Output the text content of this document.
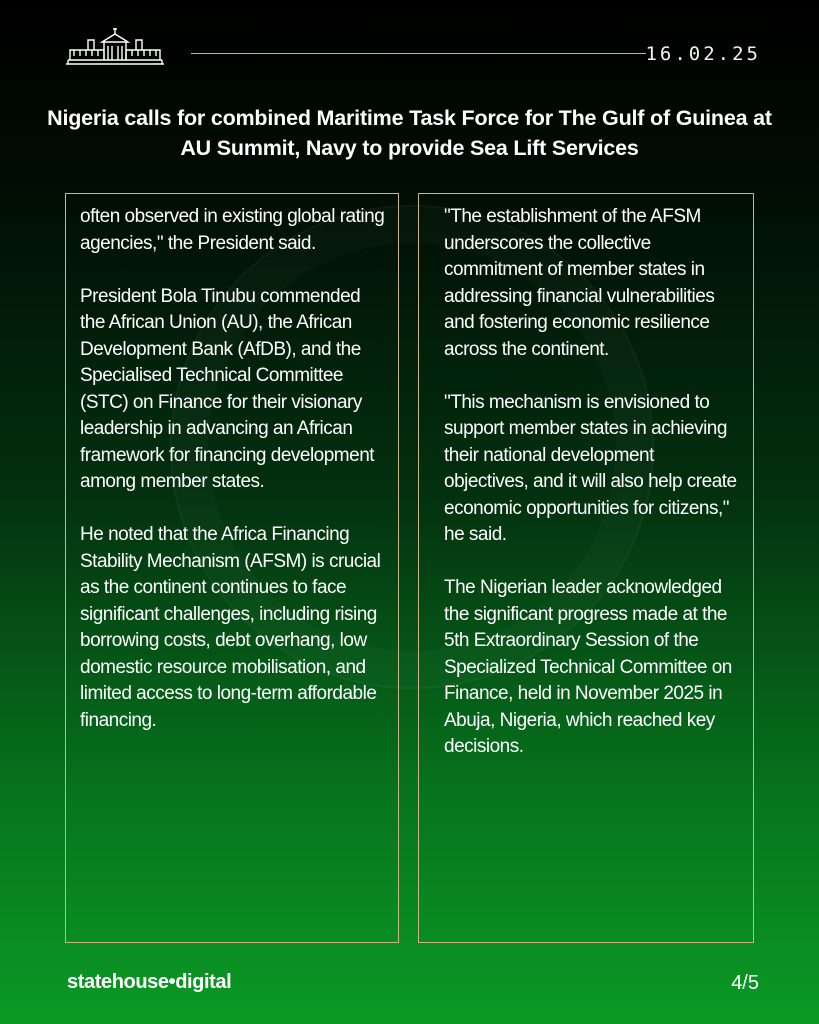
16.02.25
Nigeria calls for combined Maritime Task Force for The Gulf of Guinea at AU Summit, Navy to provide Sea Lift Services

often observed in existing global rating agencies," the President said.

President Bola Tinubu commended the African Union (AU), the African Development Bank (AfDB), and the Specialised Technical Committee (STC) on Finance for their visionary leadership in advancing an African framework for financing development among member states.

He noted that the Africa Financing Stability Mechanism (AFSM) is crucial as the continent continues to face significant challenges, including rising borrowing costs, debt overhang, low domestic resource mobilisation, and limited access to long-term affordable financing.

"The establishment of the AFSM underscores the collective commitment of member states in addressing financial vulnerabilities and fostering economic resilience across the continent.

"This mechanism is envisioned to support member states in achieving their national development objectives, and it will also help create economic opportunities for citizens," he said.

The Nigerian leader acknowledged the significant progress made at the 5th Extraordinary Session of the Specialized Technical Committee on Finance, held in November 2025 in Abuja, Nigeria, which reached key decisions.

statehouse•digital	4/5
